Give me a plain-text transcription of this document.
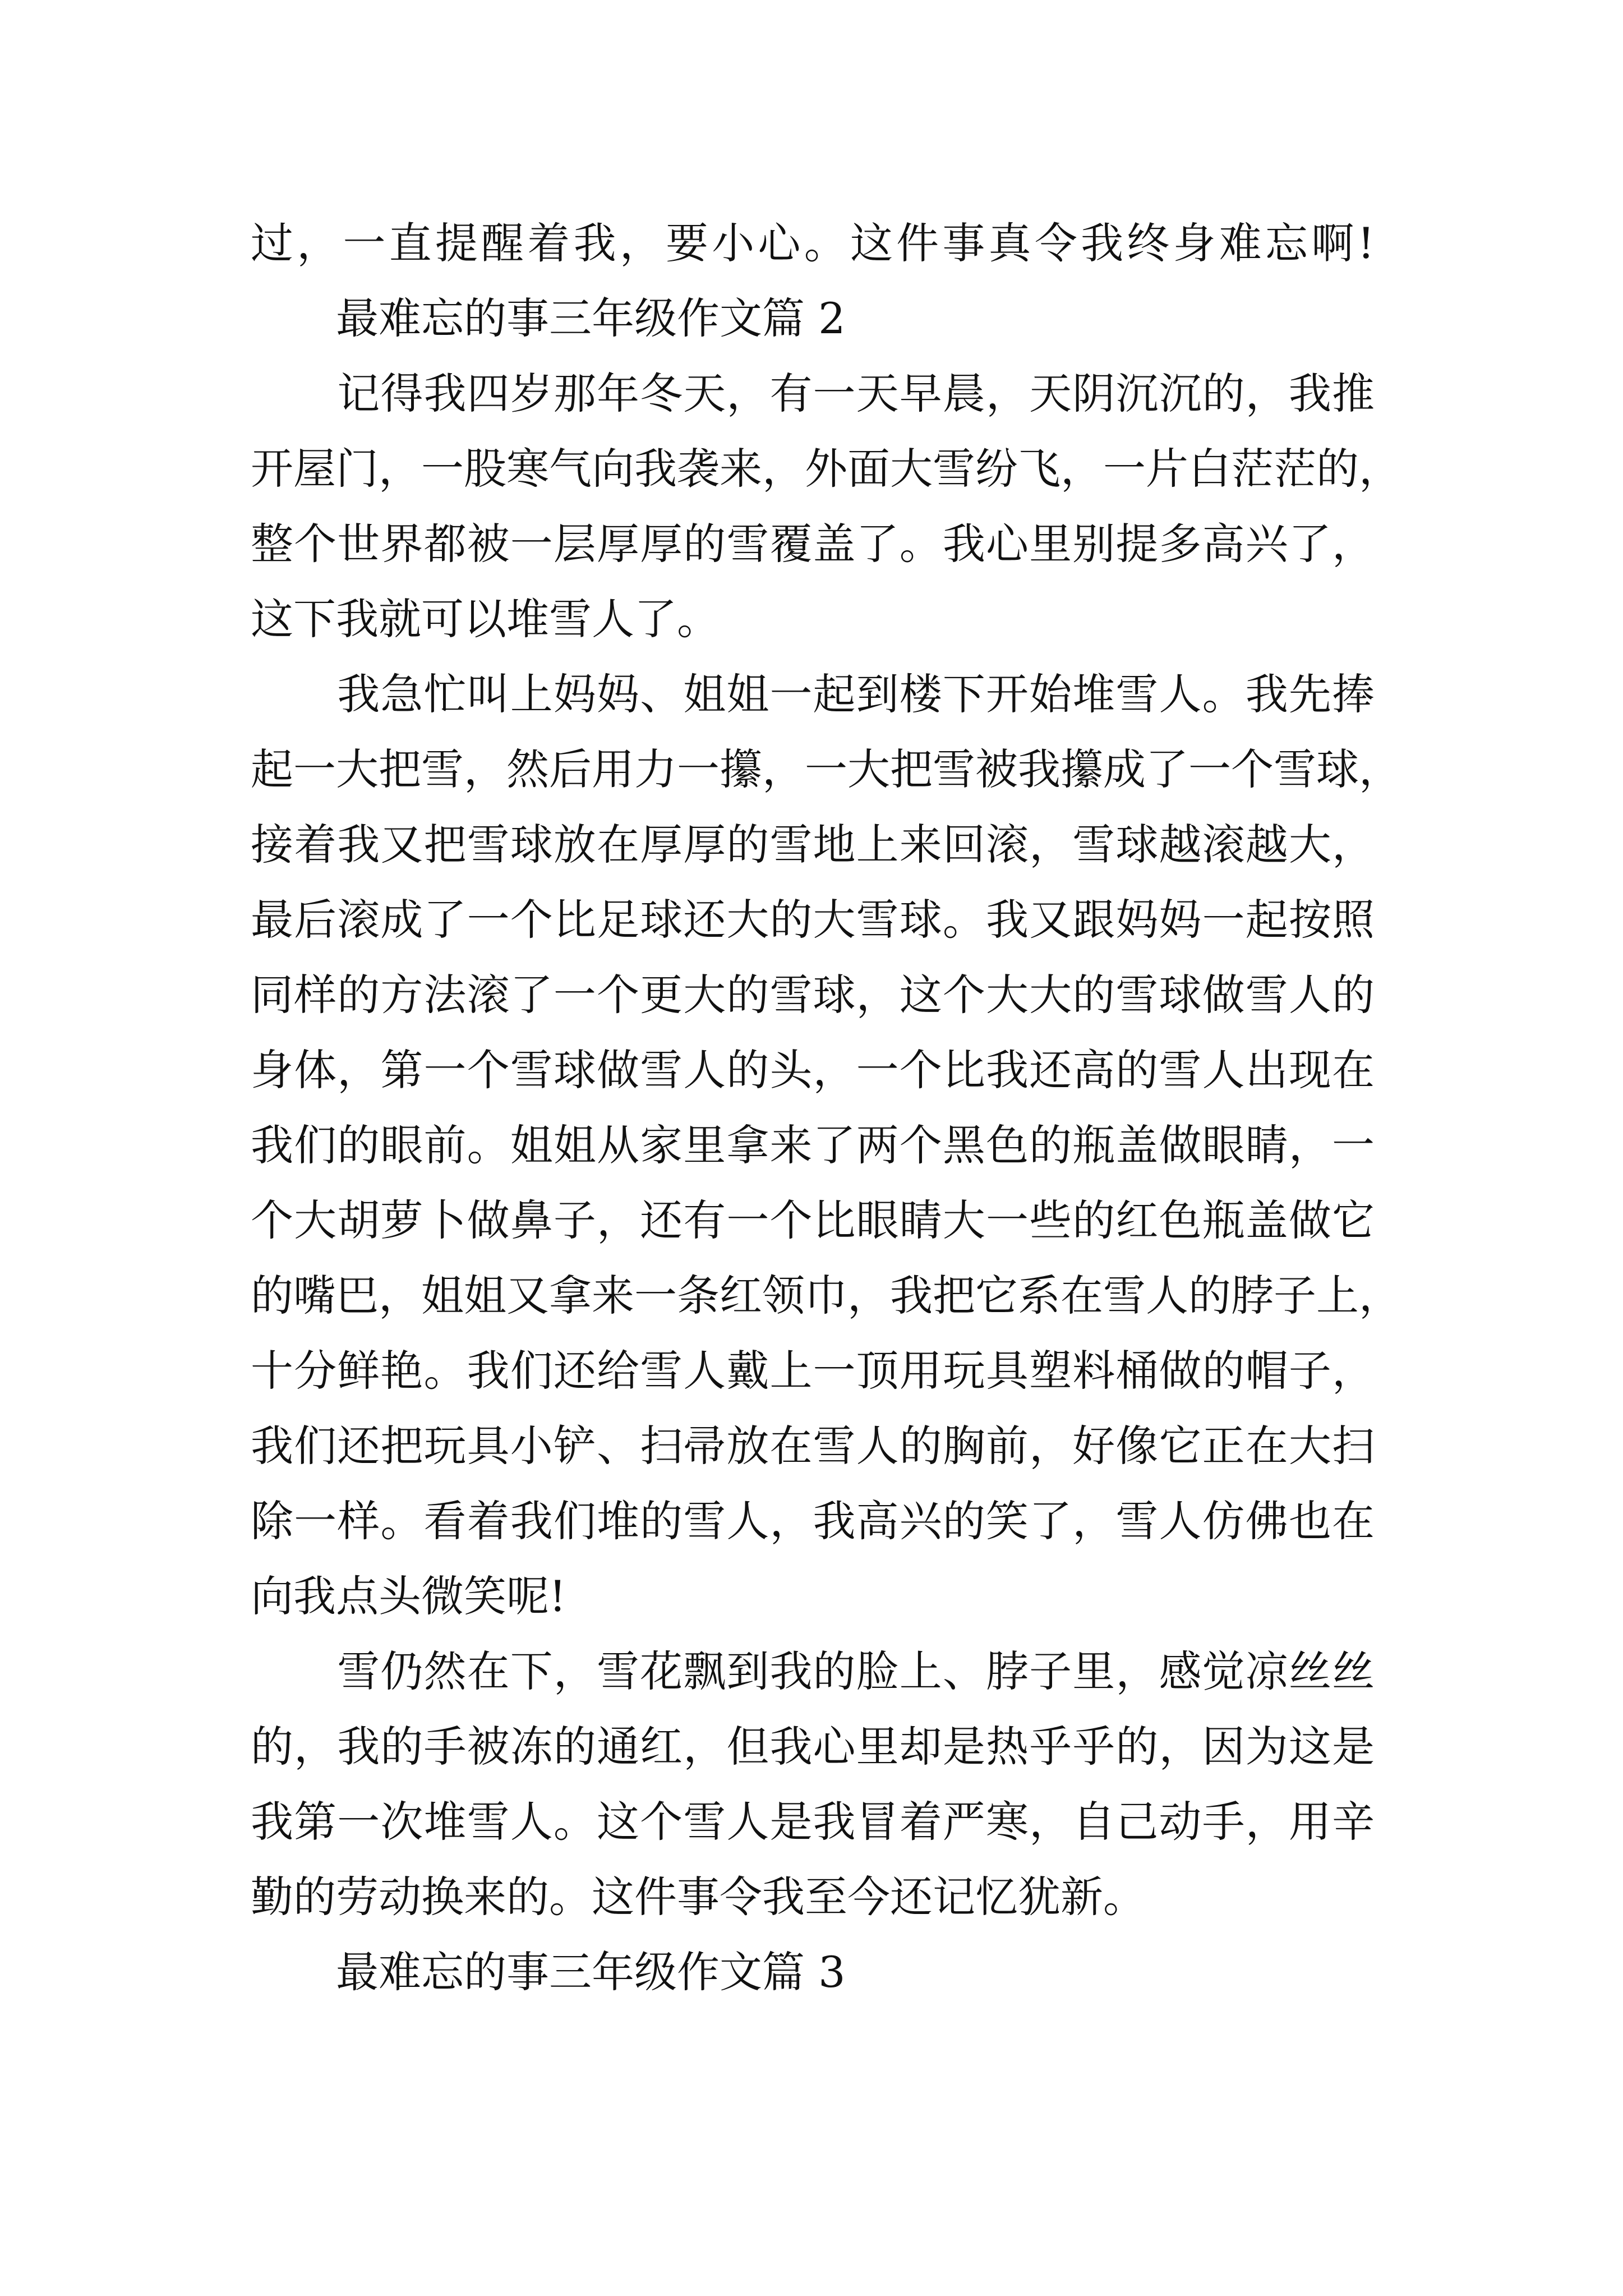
过，一直提醒着我，要小心。这件事真令我终身难忘啊!
　　最难忘的事三年级作文篇 2
　　记得我四岁那年冬天，有一天早晨，天阴沉沉的，我推
开屋门，一股寒气向我袭来，外面大雪纷飞，一片白茫茫的，
整个世界都被一层厚厚的雪覆盖了。我心里别提多高兴了，
这下我就可以堆雪人了。
　　我急忙叫上妈妈、姐姐一起到楼下开始堆雪人。我先捧
起一大把雪，然后用力一攥，一大把雪被我攥成了一个雪球，
接着我又把雪球放在厚厚的雪地上来回滚，雪球越滚越大，
最后滚成了一个比足球还大的大雪球。我又跟妈妈一起按照
同样的方法滚了一个更大的雪球，这个大大的雪球做雪人的
身体，第一个雪球做雪人的头，一个比我还高的雪人出现在
我们的眼前。姐姐从家里拿来了两个黑色的瓶盖做眼睛，一
个大胡萝卜做鼻子，还有一个比眼睛大一些的红色瓶盖做它
的嘴巴，姐姐又拿来一条红领巾，我把它系在雪人的脖子上，
十分鲜艳。我们还给雪人戴上一顶用玩具塑料桶做的帽子，
我们还把玩具小铲、扫帚放在雪人的胸前，好像它正在大扫
除一样。看着我们堆的雪人，我高兴的笑了，雪人仿佛也在
向我点头微笑呢!
　　雪仍然在下，雪花飘到我的脸上、脖子里，感觉凉丝丝
的，我的手被冻的通红，但我心里却是热乎乎的，因为这是
我第一次堆雪人。这个雪人是我冒着严寒，自己动手，用辛
勤的劳动换来的。这件事令我至今还记忆犹新。
　　最难忘的事三年级作文篇 3
